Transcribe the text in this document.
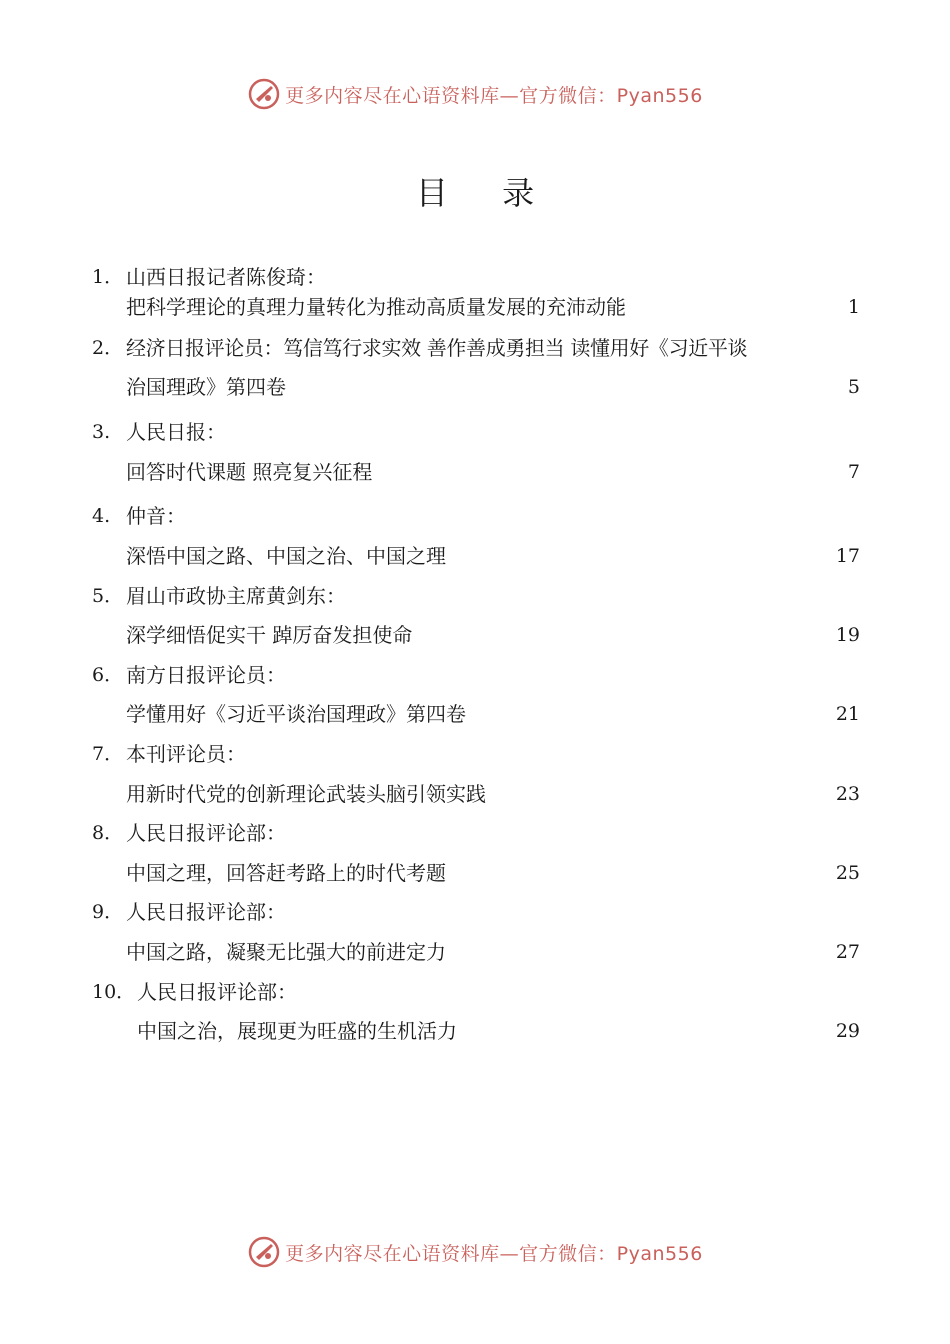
更多内容尽在心语资料库—官方微信：Pyan556
目 录
1． 山西日报记者陈俊琦：
把科学理论的真理力量转化为推动高质量发展的充沛动能	1
2． 经济日报评论员：笃信笃行求实效 善作善成勇担当 读懂用好《习近平谈
治国理政》第四卷	5
3. 人民日报：
回答时代课题 照亮复兴征程	7
4. 仲音：
深悟中国之路、中国之治、中国之理	17
5． 眉山市政协主席黄剑东：
深学细悟促实干 踔厉奋发担使命	19
6． 南方日报评论员：
学懂用好《习近平谈治国理政》第四卷	21
7． 本刊评论员：
用新时代党的创新理论武装头脑引领实践	23
8． 人民日报评论部：
中国之理，回答赶考路上的时代考题	25
9． 人民日报评论部：
中国之路，凝聚无比强大的前进定力	27
10． 人民日报评论部：
中国之治，展现更为旺盛的生机活力	29
更多内容尽在心语资料库—官方微信：Pyan556
